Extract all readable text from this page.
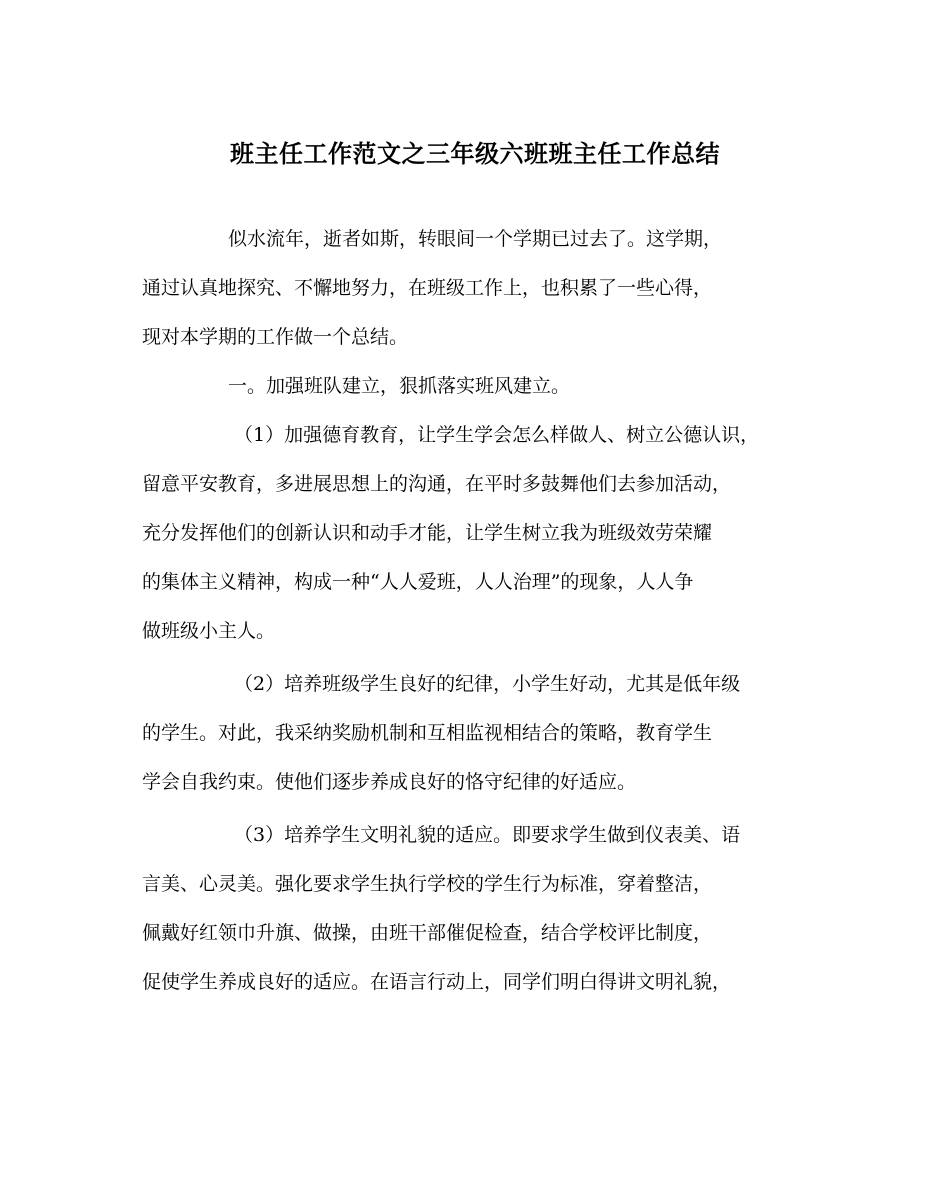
班主任工作范文之三年级六班班主任工作总结
似水流年，逝者如斯，转眼间一个学期已过去了。这学期，
通过认真地探究、不懈地努力，在班级工作上，也积累了一些心得，
现对本学期的工作做一个总结。
一。加强班队建立，狠抓落实班风建立。
（1）加强德育教育，让学生学会怎么样做人、树立公德认识，
留意平安教育，多进展思想上的沟通，在平时多鼓舞他们去参加活动，
充分发挥他们的创新认识和动手才能，让学生树立我为班级效劳荣耀
的集体主义精神，构成一种“人人爱班，人人治理”的现象，人人争
做班级小主人。
（2）培养班级学生良好的纪律，小学生好动，尤其是低年级
的学生。对此，我采纳奖励机制和互相监视相结合的策略，教育学生
学会自我约束。使他们逐步养成良好的恪守纪律的好适应。
（3）培养学生文明礼貌的适应。即要求学生做到仪表美、语
言美、心灵美。强化要求学生执行学校的学生行为标准，穿着整洁，
佩戴好红领巾升旗、做操，由班干部催促检查，结合学校评比制度，
促使学生养成良好的适应。在语言行动上，同学们明白得讲文明礼貌，
